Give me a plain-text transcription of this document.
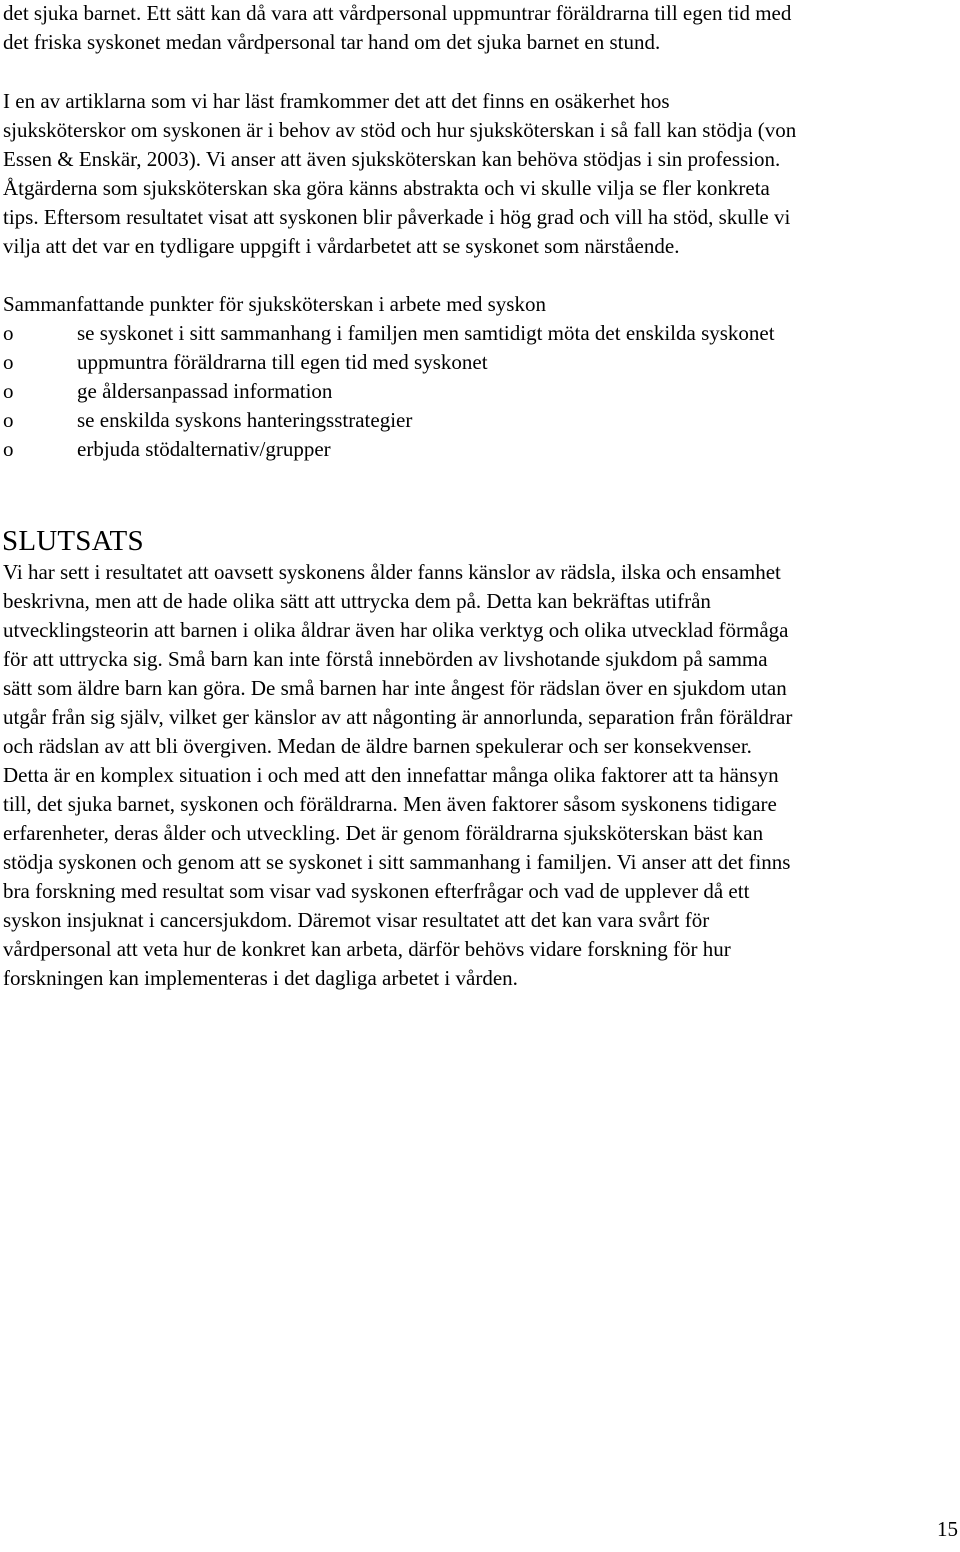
det sjuka barnet. Ett sätt kan då vara att vårdpersonal uppmuntrar föräldrarna till egen tid med
det friska syskonet medan vårdpersonal tar hand om det sjuka barnet en stund.

I en av artiklarna som vi har läst framkommer det att det finns en osäkerhet hos
sjuksköterskor om syskonen är i behov av stöd och hur sjuksköterskan i så fall kan stödja (von
Essen & Enskär, 2003). Vi anser att även sjuksköterskan kan behöva stödjas i sin profession.
Åtgärderna som sjuksköterskan ska göra känns abstrakta och vi skulle vilja se fler konkreta
tips. Eftersom resultatet visat att syskonen blir påverkade i hög grad och vill ha stöd, skulle vi
vilja att det var en tydligare uppgift i vårdarbetet att se syskonet som närstående.

Sammanfattande punkter för sjuksköterskan i arbete med syskon

o	se syskonet i sitt sammanhang i familjen men samtidigt möta det enskilda syskonet
o	uppmuntra föräldrarna till egen tid med syskonet
o	ge åldersanpassad information
o	se enskilda syskons hanteringsstrategier
o	erbjuda stödalternativ/grupper
SLUTSATS

Vi har sett i resultatet att oavsett syskonens ålder fanns känslor av rädsla, ilska och ensamhet
beskrivna, men att de hade olika sätt att uttrycka dem på. Detta kan bekräftas utifrån
utvecklingsteorin att barnen i olika åldrar även har olika verktyg och olika utvecklad förmåga
för att uttrycka sig. Små barn kan inte förstå innebörden av livshotande sjukdom på samma
sätt som äldre barn kan göra. De små barnen har inte ångest för rädslan över en sjukdom utan
utgår från sig själv, vilket ger känslor av att någonting är annorlunda, separation från föräldrar
och rädslan av att bli övergiven. Medan de äldre barnen spekulerar och ser konsekvenser.
Detta är en komplex situation i och med att den innefattar många olika faktorer att ta hänsyn
till, det sjuka barnet, syskonen och föräldrarna. Men även faktorer såsom syskonens tidigare
erfarenheter, deras ålder och utveckling. Det är genom föräldrarna sjuksköterskan bäst kan
stödja syskonen och genom att se syskonet i sitt sammanhang i familjen. Vi anser att det finns
bra forskning med resultat som visar vad syskonen efterfrågar och vad de upplever då ett
syskon insjuknat i cancersjukdom. Däremot visar resultatet att det kan vara svårt för
vårdpersonal att veta hur de konkret kan arbeta, därför behövs vidare forskning för hur
forskningen kan implementeras i det dagliga arbetet i vården.

15
